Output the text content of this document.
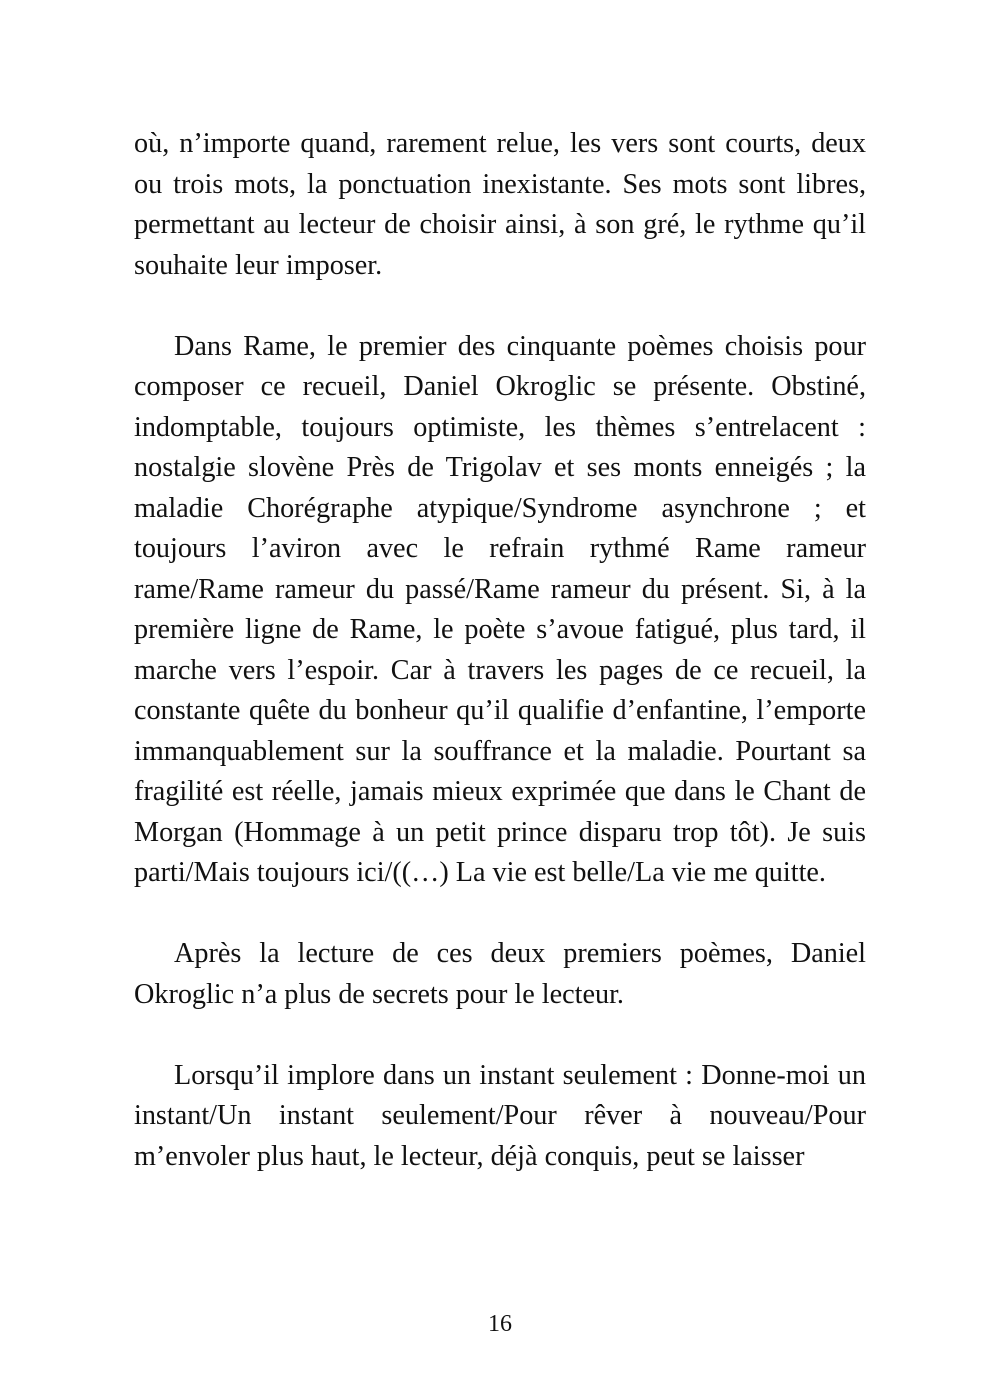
où, n’importe quand, rarement relue, les vers sont courts, deux ou trois mots, la ponctuation inexistante. Ses mots sont libres, permettant au lecteur de choisir ainsi, à son gré, le rythme qu’il souhaite leur imposer.

Dans Rame, le premier des cinquante poèmes choisis pour composer ce recueil, Daniel Okroglic se présente. Obstiné, indomptable, toujours optimiste, les thèmes s’entrelacent : nostalgie slovène Près de Trigolav et ses monts enneigés ; la maladie Chorégraphe atypique/Syndrome asynchrone ; et toujours l’aviron avec le refrain rythmé Rame rameur rame/Rame rameur du passé/Rame rameur du présent. Si, à la première ligne de Rame, le poète s’avoue fatigué, plus tard, il marche vers l’espoir. Car à travers les pages de ce recueil, la constante quête du bonheur qu’il qualifie d’enfantine, l’emporte immanquablement sur la souffrance et la maladie. Pourtant sa fragilité est réelle, jamais mieux exprimée que dans le Chant de Morgan (Hommage à un petit prince disparu trop tôt). Je suis parti/Mais toujours ici/((…) La vie est belle/La vie me quitte.

Après la lecture de ces deux premiers poèmes, Daniel Okroglic n’a plus de secrets pour le lecteur.

Lorsqu’il implore dans un instant seulement : Donne-moi un instant/Un instant seulement/Pour rêver à nouveau/Pour m’envoler plus haut, le lecteur, déjà conquis, peut se laisser

16
